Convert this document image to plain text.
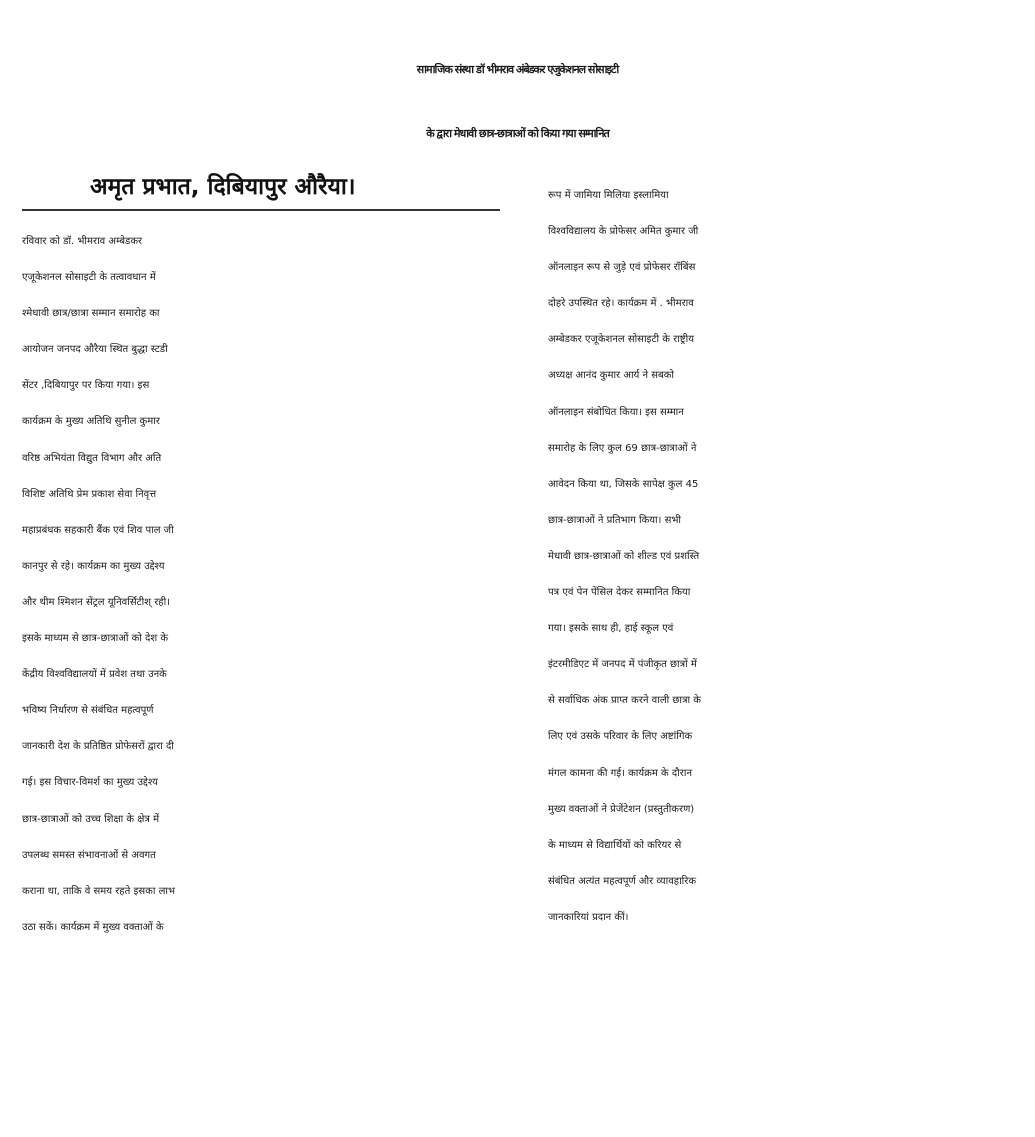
सामाजिक संस्था डॉ भीमराव अंबेडकर एजुकेशनल सोसाइटी
के द्वारा मेधावी छात्र-छात्राओं को किया गया सम्मानित
अमृत प्रभात, दिबियापुर औरैया।
रविवार को डॉ. भीमराव अम्बेडकर
एजूकेशनल सोसाइटी के तत्वावधान में
श्मेधावी छात्र/छात्रा सम्मान समारोह का
आयोजन जनपद औरैया स्थित बुद्धा स्टडी
सेंटर ,दिबियापुर पर किया गया। इस
कार्यक्रम के मुख्य अतिथि सुनील कुमार
वरिष्ठ अभियंता विद्युत विभाग और अति
विशिष्ट अतिथि प्रेम प्रकाश सेवा निवृत्त
महाप्रबंधक सहकारी बैंक एवं शिव पाल जी
कानपुर से रहे। कार्यक्रम का मुख्य उद्देश्य
और थीम श्मिशन सेंट्रल यूनिवर्सिटीश् रही।
इसके माध्यम से छात्र-छात्राओं को देश के
केंद्रीय विश्वविद्यालयों में प्रवेश तथा उनके
भविष्य निर्धारण से संबंधित महत्वपूर्ण
जानकारी देश के प्रतिष्ठित प्रोफेसरों द्वारा दी
गई। इस विचार-विमर्श का मुख्य उद्देश्य
छात्र-छात्राओं को उच्च शिक्षा के क्षेत्र में
उपलब्ध समस्त संभावनाओं से अवगत
कराना था, ताकि वे समय रहते इसका लाभ
उठा सकें। कार्यक्रम में मुख्य वक्ताओं के
रूप में जामिया मिलिया इस्लामिया
विश्वविद्यालय के प्रोफेसर अमित कुमार जी
ऑनलाइन रूप से जुड़े एवं प्रोफेसर रॉबिंस
दोहरे उपस्थित रहे। कार्यक्रम में . भीमराव
अम्बेडकर एजूकेशनल सोसाइटी के राष्ट्रीय
अध्यक्ष आनंद कुमार आर्य ने सबको
ऑनलाइन संबोधित किया। इस सम्मान
समारोह के लिए कुल 69 छात्र-छात्राओं ने
आवेदन किया था, जिसके सापेक्ष कुल 45
छात्र-छात्राओं ने प्रतिभाग किया। सभी
मेधावी छात्र-छात्राओं को शील्ड एवं प्रशस्ति
पत्र एवं पेन पेंसिल देकर सम्मानित किया
गया। इसके साथ ही, हाई स्कूल एवं
इंटरमीडिएट में जनपद में पंजीकृत छात्रों में
से सर्वाधिक अंक प्राप्त करने वाली छात्रा के
लिए एवं उसके परिवार के लिए अष्टांगिक
मंगल कामना की गई। कार्यक्रम के दौरान
मुख्य वक्ताओं ने प्रेजेंटेशन (प्रस्तुतीकरण)
के माध्यम से विद्यार्थियों को करियर से
संबंधित अत्यंत महत्वपूर्ण और व्यावहारिक
जानकारियां प्रदान कीं।
